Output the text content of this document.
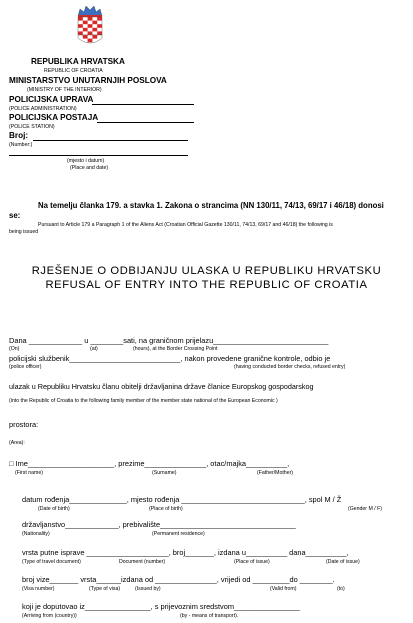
REPUBLIKA HRVATSKA
REPUBLIC OF CROATIA
MINISTARSTVO UNUTARNJIH POSLOVA
(MINISTRY OF THE INTERIOR)
POLICIJSKA UPRAVA
(POLICE ADMINISTRATION)
POLICIJSKA POSTAJA
(POLICE STATION)
Broj:
(Number:)
(mjesto i datum)
(Place and date)
Na temelju članka 179. a stavka 1. Zakona o strancima (NN 130/11, 74/13, 69/17 i 46/18) donosi
se:
Pursuant to Article 179 a Paragraph 1 of the Aliens Act (Croatian Official Gazette 130/11, 74/13, 69/17 and 46/18) the following is
being issued
RJEŠENJE O ODBIJANJU ULASKA U REPUBLIKU HRVATSKU
REFUSAL OF ENTRY INTO THE REPUBLIC OF CROATIA
Dana _____________ u ________sati, na graničnom prijelazu____________________________
(On)	(at)	(hours), at the Border Crossing Point
policijski službenik___________________________, nakon provedene granične kontrole, odbio je
(police officer)	(having conducted border checks, refused entry)
ulazak u Republiku Hrvatsku članu obitelji državljanina države članice Europskog gospodarskog
(into the Republic of Croatia to the following family member of the member state national of the European Economic )
prostora:
(Area):
□ Ime_____________________, prezime_______________, otac/majka__________,
(First name)	(Surname)	(Father/Mother)
datum rođenja______________, mjesto rođenja ______________________________, spol M / Ž
(Date of birth)	(Place of birth)	(Gender M / F)
državljanstvo_____________, prebivalište_________________________________
(Nationality)	(Permanent residence)
vrsta putne isprave ____________________, broj_______, izdana u__________ dana__________,
(Type of travel document)	Document (number)	(Place of issue)	(Date of issue)
broj vize_______ vrsta______izdana od _______________, vrijedi od _________do ________.
(Visa number)	(Type of visa)	(Issued by)	(Valid from)	(to)
koji je doputovao iz________________, s prijevoznim sredstvom________________
(Arriving from (country))	(by - means of transport).
